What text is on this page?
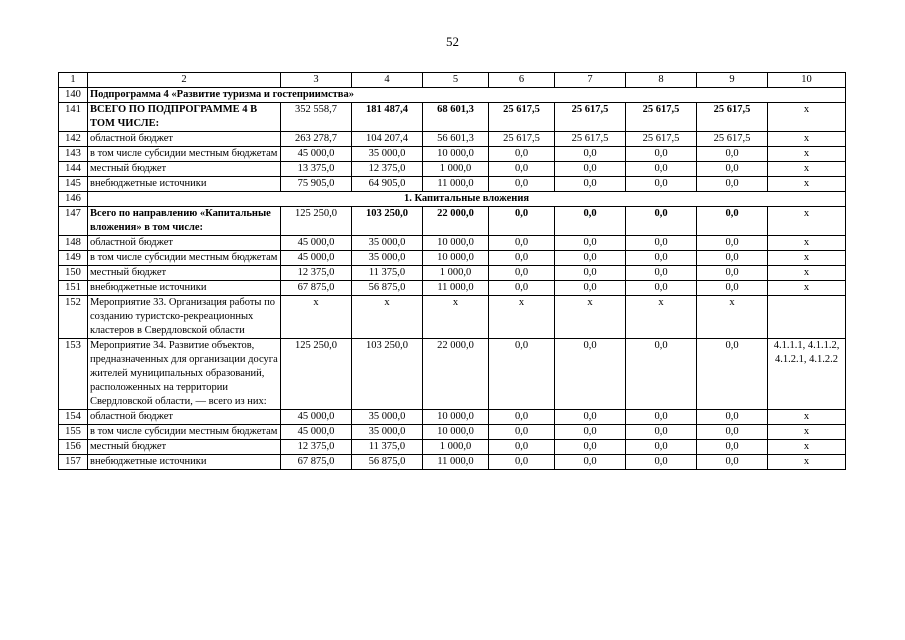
52
1	2	3	4	5	6	7	8	9	10
140	Подпрограмма 4 «Развитие туризма и гостеприимства»								
141	ВСЕГО ПО ПОДПРОГРАММЕ 4 В ТОМ ЧИСЛЕ:	352 558,7	181 487,4	68 601,3	25 617,5	25 617,5	25 617,5	25 617,5	х
142	областной бюджет	263 278,7	104 207,4	56 601,3	25 617,5	25 617,5	25 617,5	25 617,5	х
143	в том числе субсидии местным бюджетам	45 000,0	35 000,0	10 000,0	0,0	0,0	0,0	0,0	х
144	местный бюджет	13 375,0	12 375,0	1 000,0	0,0	0,0	0,0	0,0	х
145	внебюджетные источники	75 905,0	64 905,0	11 000,0	0,0	0,0	0,0	0,0	х
146	1. Капитальные вложения								
147	Всего по направлению «Капитальные вложения» в том числе:	125 250,0	103 250,0	22 000,0	0,0	0,0	0,0	0,0	х
148	областной бюджет	45 000,0	35 000,0	10 000,0	0,0	0,0	0,0	0,0	х
149	в том числе субсидии местным бюджетам	45 000,0	35 000,0	10 000,0	0,0	0,0	0,0	0,0	х
150	местный бюджет	12 375,0	11 375,0	1 000,0	0,0	0,0	0,0	0,0	х
151	внебюджетные источники	67 875,0	56 875,0	11 000,0	0,0	0,0	0,0	0,0	х
152	Мероприятие 33. Организация работы по созданию туристско-рекреационных кластеров в Свердловской области	х	х	х	х	х	х	х	
153	Мероприятие 34. Развитие объектов, предназначенных для организации досуга жителей муниципальных образований, расположенных на территории Свердловской области, — всего из них:	125 250,0	103 250,0	22 000,0	0,0	0,0	0,0	0,0	4.1.1.1, 4.1.1.2, 4.1.2.1, 4.1.2.2
154	областной бюджет	45 000,0	35 000,0	10 000,0	0,0	0,0	0,0	0,0	х
155	в том числе субсидии местным бюджетам	45 000,0	35 000,0	10 000,0	0,0	0,0	0,0	0,0	х
156	местный бюджет	12 375,0	11 375,0	1 000,0	0,0	0,0	0,0	0,0	х
157	внебюджетные источники	67 875,0	56 875,0	11 000,0	0,0	0,0	0,0	0,0	х
